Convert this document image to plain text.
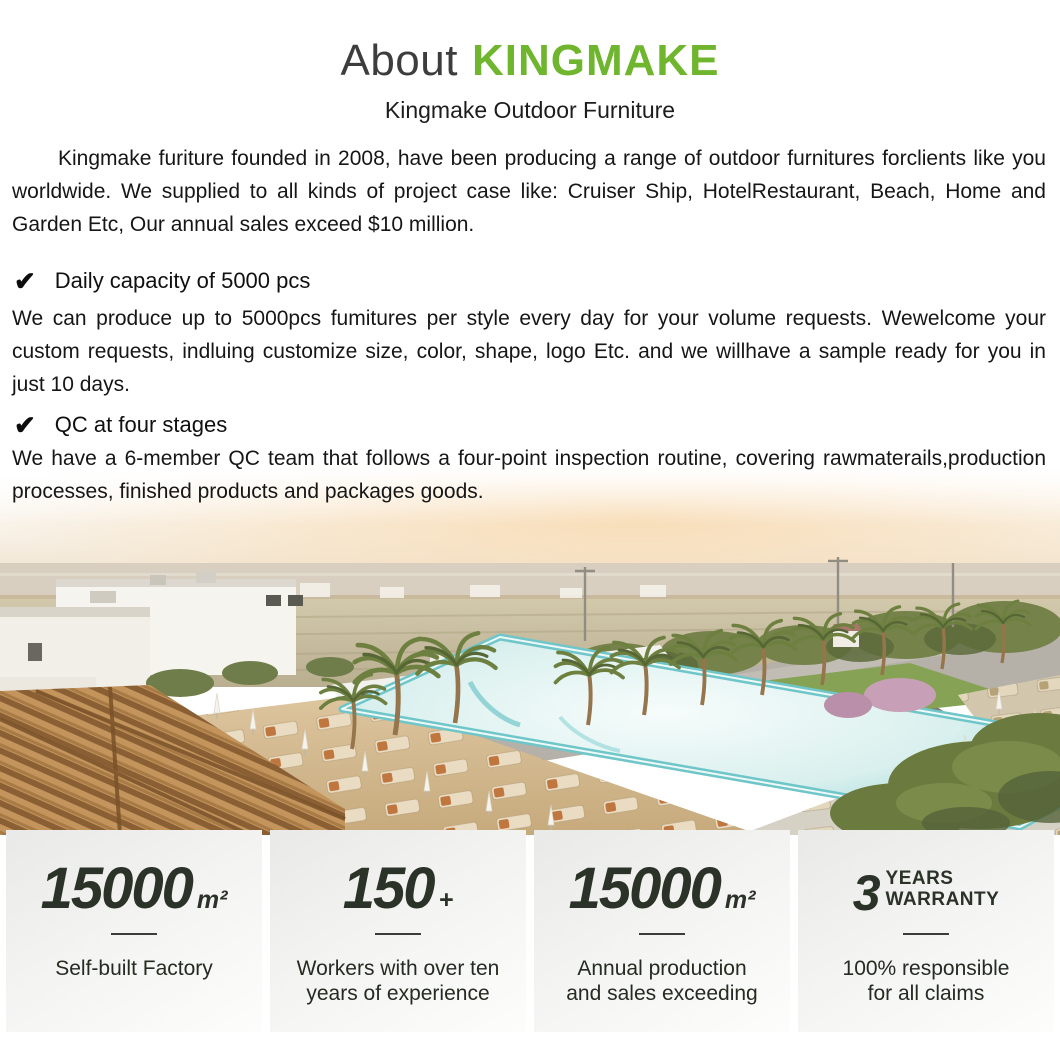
About KINGMAKE
Kingmake Outdoor Furniture

Kingmake furiture founded in 2008, have been producing a range of outdoor furnitures forclients like you worldwide. We supplied to all kinds of project case like: Cruiser Ship, HotelRestaurant, Beach, Home and Garden Etc, Our annual sales exceed $10 million.

✔ Daily capacity of 5000 pcs

We can produce up to 5000pcs fumitures per style every day for your volume requests. Wewelcome your custom requests, indluing customize size, color, shape, logo Etc. and we willhave a sample ready for you in just 10 days.

✔ QC at four stages

We have a 6-member QC team that follows a four-point inspection routine, covering rawmaterails,production processes, finished products and packages goods.

15000 m²
Self-built Factory
150 +
Workers with over ten
years of experience
15000 m²
Annual production
and sales exceeding
3 YEARS
WARRANTY
100% responsible
for all claims
